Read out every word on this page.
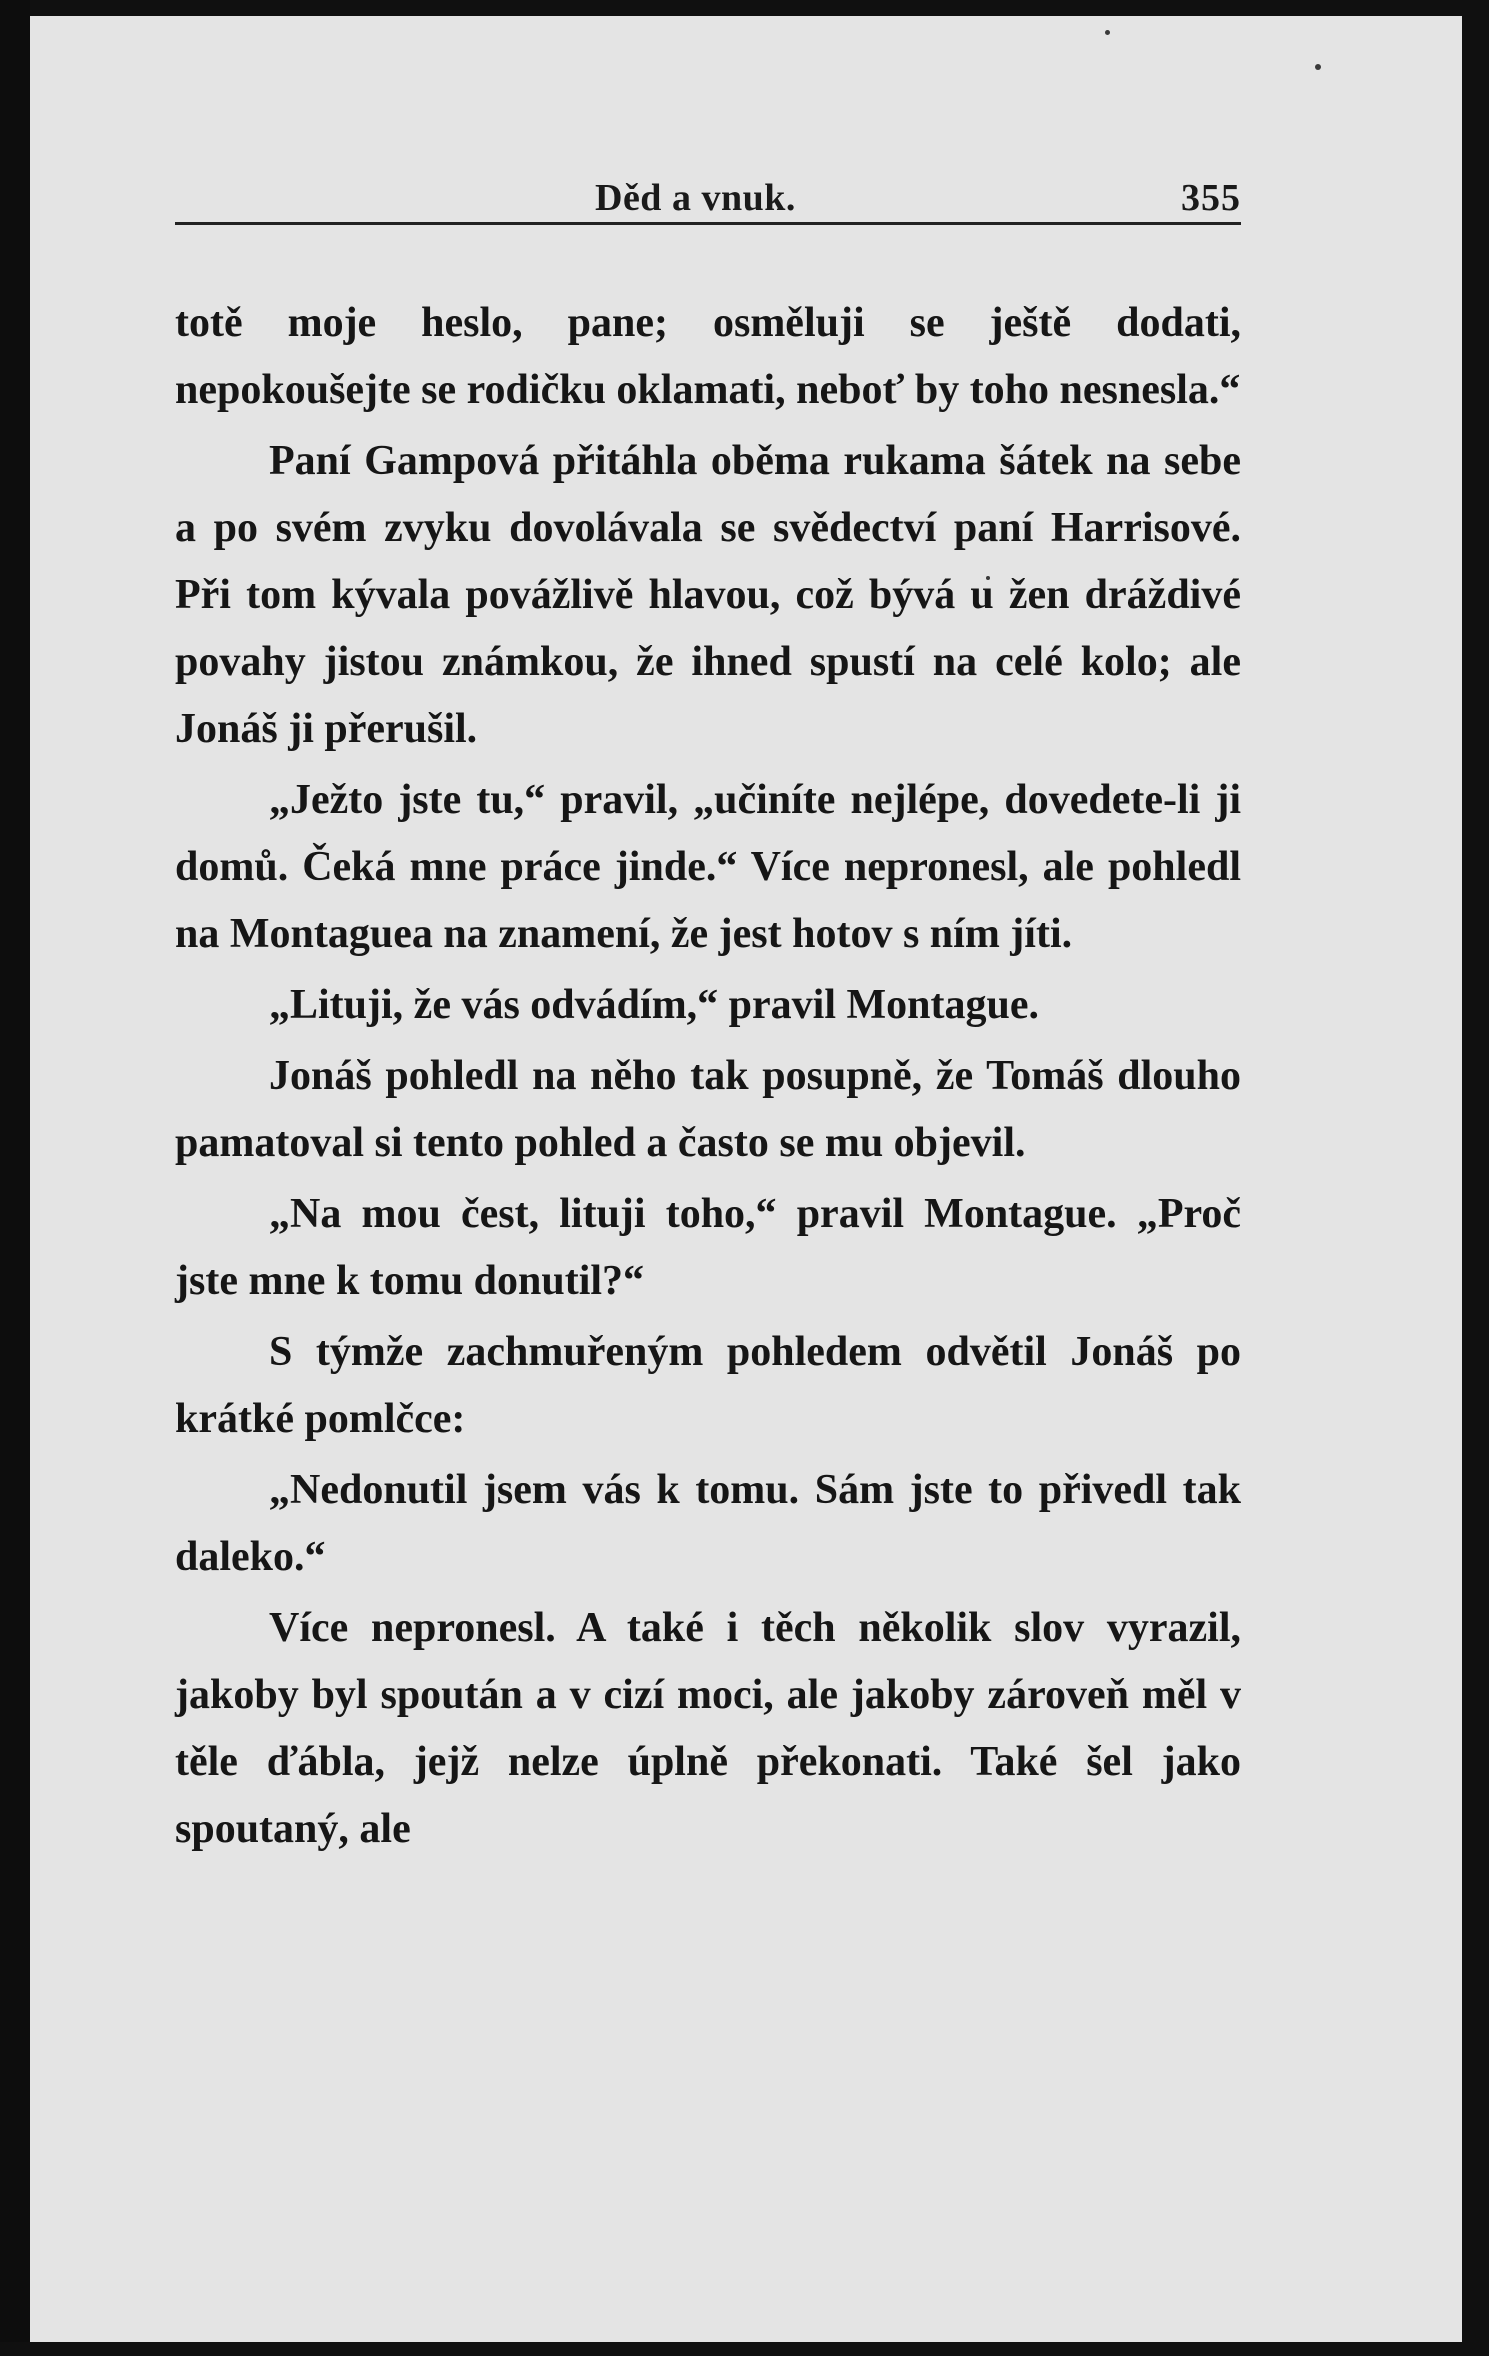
Děd a vnuk.	355

totě moje heslo, pane; osměluji se ještě dodati, nepokoušejte se rodičku oklamati, neboť by toho nesnesla.“

Paní Gampová přitáhla oběma rukama šátek na sebe a po svém zvyku dovolávala se svědectví paní Harrisové. Při tom kývala povážlivě hlavou, což bývá u žen dráždivé povahy jistou známkou, že ihned spustí na celé kolo; ale Jonáš ji přerušil.

„Ježto jste tu,“ pravil, „učiníte nejlépe, dovedete-li ji domů. Čeká mne práce jinde.“ Více nepronesl, ale pohledl na Montaguea na znamení, že jest hotov s ním jíti.

„Lituji, že vás odvádím,“ pravil Montague.

Jonáš pohledl na něho tak posupně, že Tomáš dlouho pamatoval si tento pohled a často se mu objevil.

„Na mou čest, lituji toho,“ pravil Montague. „Proč jste mne k tomu donutil?“

S týmže zachmuřeným pohledem odvětil Jonáš po krátké pomlčce:

„Nedonutil jsem vás k tomu. Sám jste to přivedl tak daleko.“

Více nepronesl. A také i těch několik slov vyrazil, jakoby byl spoután a v cizí moci, ale jakoby zároveň měl v těle ďábla, jejž nelze úplně překonati. Také šel jako spoutaný, ale
